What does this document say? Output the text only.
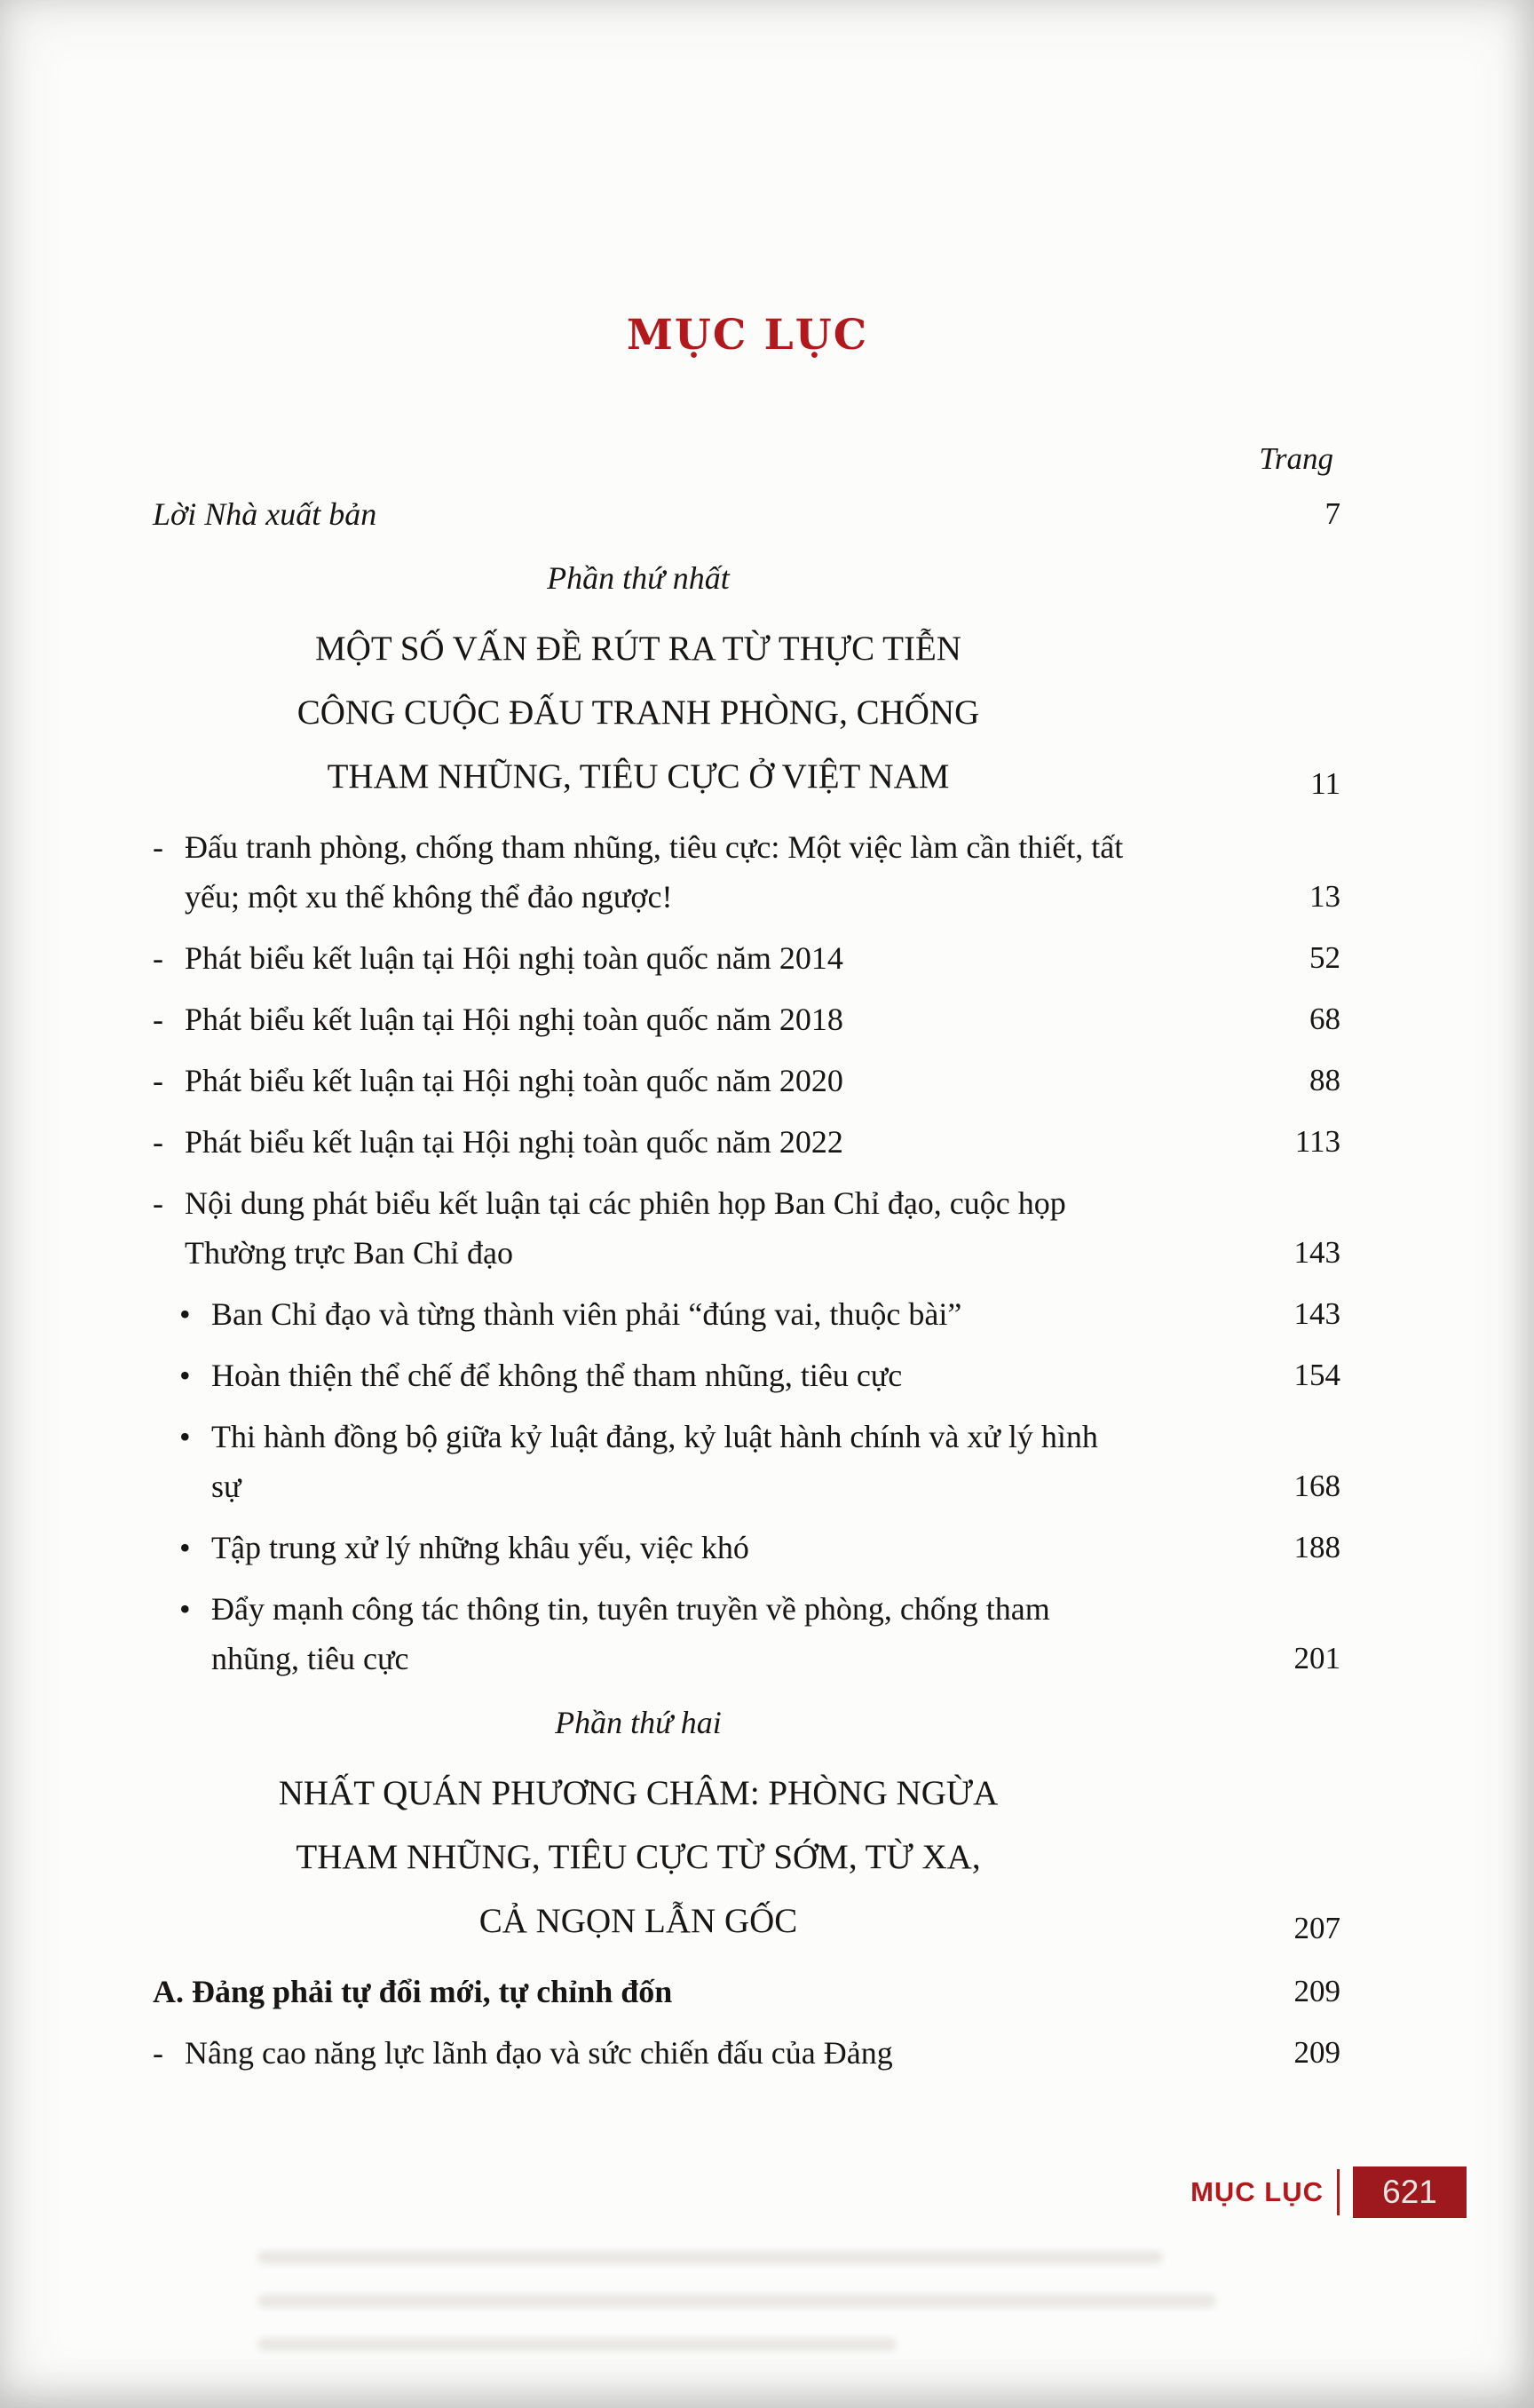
MỤC LỤC
Trang
Lời Nhà xuất bản	7
Phần thứ nhất
MỘT SỐ VẤN ĐỀ RÚT RA TỪ THỰC TIỄN
CÔNG CUỘC ĐẤU TRANH PHÒNG, CHỐNG
THAM NHŨNG, TIÊU CỰC Ở VIỆT NAM	11
- Đấu tranh phòng, chống tham nhũng, tiêu cực: Một việc làm cần thiết, tất yếu; một xu thế không thể đảo ngược!	13
- Phát biểu kết luận tại Hội nghị toàn quốc năm 2014	52
- Phát biểu kết luận tại Hội nghị toàn quốc năm 2018	68
- Phát biểu kết luận tại Hội nghị toàn quốc năm 2020	88
- Phát biểu kết luận tại Hội nghị toàn quốc năm 2022	113
- Nội dung phát biểu kết luận tại các phiên họp Ban Chỉ đạo, cuộc họp Thường trực Ban Chỉ đạo	143
• Ban Chỉ đạo và từng thành viên phải “đúng vai, thuộc bài”	143
• Hoàn thiện thể chế để không thể tham nhũng, tiêu cực	154
• Thi hành đồng bộ giữa kỷ luật đảng, kỷ luật hành chính và xử lý hình sự	168
• Tập trung xử lý những khâu yếu, việc khó	188
• Đẩy mạnh công tác thông tin, tuyên truyền về phòng, chống tham nhũng, tiêu cực	201
Phần thứ hai
NHẤT QUÁN PHƯƠNG CHÂM: PHÒNG NGỪA
THAM NHŨNG, TIÊU CỰC TỪ SỚM, TỪ XA,
CẢ NGỌN LẪN GỐC	207
A. Đảng phải tự đổi mới, tự chỉnh đốn	209
- Nâng cao năng lực lãnh đạo và sức chiến đấu của Đảng	209
MỤC LỤC 621
